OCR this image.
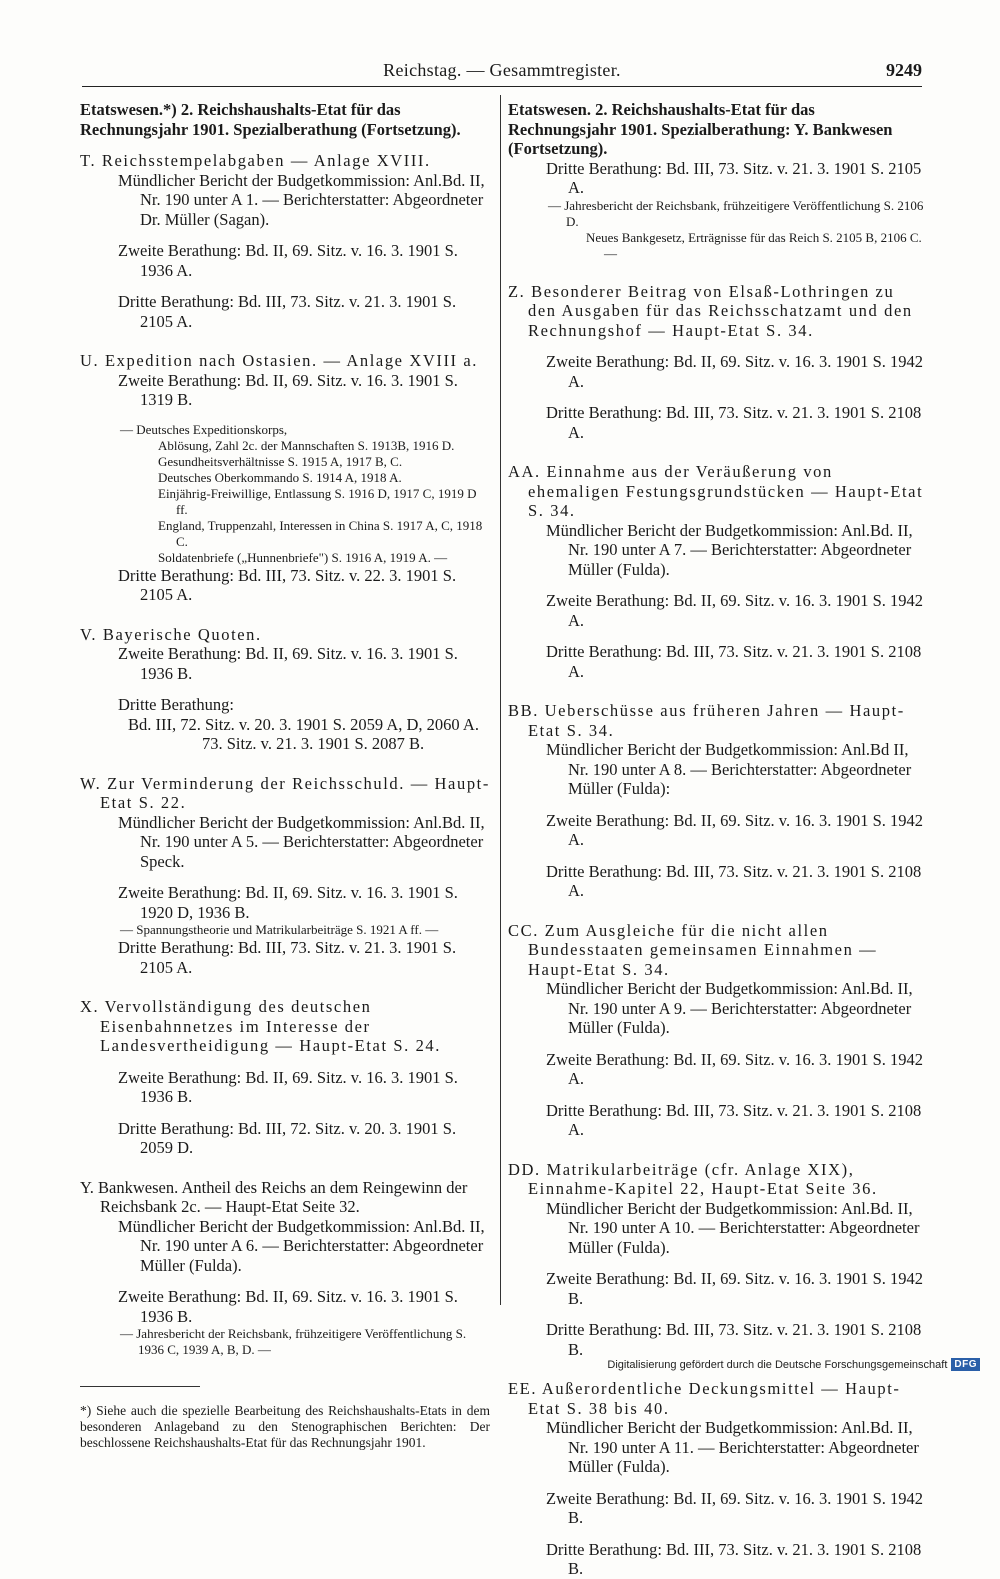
Reichstag. — Gesammtregister.	9249
Etatswesen.*) 2. Reichshaushalts-Etat für das Rechnungsjahr 1901. Spezialberathung (Fortsetzung).
T. Reichsstempelabgaben — Anlage XVIII.
Mündlicher Bericht der Budgetkommission: Anl.Bd. II, Nr. 190 unter A 1. — Berichterstatter: Abgeordneter Dr. Müller (Sagan).
Zweite Berathung: Bd. II, 69. Sitz. v. 16. 3. 1901 S. 1936 A.
Dritte Berathung: Bd. III, 73. Sitz. v. 21. 3. 1901 S. 2105 A.
U. Expedition nach Ostasien. — Anlage XVIII a.
Zweite Berathung: Bd. II, 69. Sitz. v. 16. 3. 1901 S. 1319 B.
— Deutsches Expeditionskorps,
Ablösung, Zahl 2c. der Mannschaften S. 1913B, 1916 D.
Gesundheitsverhältnisse S. 1915 A, 1917 B, C.
Deutsches Oberkommando S. 1914 A, 1918 A.
Einjährig-Freiwillige, Entlassung S. 1916 D, 1917 C, 1919 D ff.
England, Truppenzahl, Interessen in China S. 1917 A, C, 1918 C.
Soldatenbriefe („Hunnenbriefe") S. 1916 A, 1919 A. —
Dritte Berathung: Bd. III, 73. Sitz. v. 22. 3. 1901 S. 2105 A.
V. Bayerische Quoten.
Zweite Berathung: Bd. II, 69. Sitz. v. 16. 3. 1901 S. 1936 B.
Dritte Berathung:
Bd. III, 72. Sitz. v. 20. 3. 1901 S. 2059 A, D, 2060 A.
73. Sitz. v. 21. 3. 1901 S. 2087 B.
W. Zur Verminderung der Reichsschuld. — Haupt-Etat S. 22.
Mündlicher Bericht der Budgetkommission: Anl.Bd. II, Nr. 190 unter A 5. — Berichterstatter: Abgeordneter Speck.
Zweite Berathung: Bd. II, 69. Sitz. v. 16. 3. 1901 S. 1920 D, 1936 B.
— Spannungstheorie und Matrikularbeiträge S. 1921 A ff. —
Dritte Berathung: Bd. III, 73. Sitz. v. 21. 3. 1901 S. 2105 A.
X. Vervollständigung des deutschen Eisenbahnnetzes im Interesse der Landesvertheidigung — Haupt-Etat S. 24.
Zweite Berathung: Bd. II, 69. Sitz. v. 16. 3. 1901 S. 1936 B.
Dritte Berathung: Bd. III, 72. Sitz. v. 20. 3. 1901 S. 2059 D.
Y. Bankwesen. Antheil des Reichs an dem Reingewinn der Reichsbank 2c. — Haupt-Etat Seite 32.
Mündlicher Bericht der Budgetkommission: Anl.Bd. II, Nr. 190 unter A 6. — Berichterstatter: Abgeordneter Müller (Fulda).
Zweite Berathung: Bd. II, 69. Sitz. v. 16. 3. 1901 S. 1936 B.
— Jahresbericht der Reichsbank, frühzeitigere Veröffentlichung S. 1936 C, 1939 A, B, D. —
*) Siehe auch die spezielle Bearbeitung des Reichshaushalts-Etats in dem besonderen Anlageband zu den Stenographischen Berichten: Der beschlossene Reichshaushalts-Etat für das Rechnungsjahr 1901.
Etatswesen. 2. Reichshaushalts-Etat für das Rechnungsjahr 1901. Spezialberathung: Y. Bankwesen (Fortsetzung).
Dritte Berathung: Bd. III, 73. Sitz. v. 21. 3. 1901 S. 2105 A.
— Jahresbericht der Reichsbank, frühzeitigere Veröffentlichung S. 2106 D.
Neues Bankgesetz, Erträgnisse für das Reich S. 2105 B, 2106 C. —
Z. Besonderer Beitrag von Elsaß-Lothringen zu den Ausgaben für das Reichsschatzamt und den Rechnungshof — Haupt-Etat S. 34.
Zweite Berathung: Bd. II, 69. Sitz. v. 16. 3. 1901 S. 1942 A.
Dritte Berathung: Bd. III, 73. Sitz. v. 21. 3. 1901 S. 2108 A.
AA. Einnahme aus der Veräußerung von ehemaligen Festungsgrundstücken — Haupt-Etat S. 34.
Mündlicher Bericht der Budgetkommission: Anl.Bd. II, Nr. 190 unter A 7. — Berichterstatter: Abgeordneter Müller (Fulda).
Zweite Berathung: Bd. II, 69. Sitz. v. 16. 3. 1901 S. 1942 A.
Dritte Berathung: Bd. III, 73. Sitz. v. 21. 3. 1901 S. 2108 A.
BB. Ueberschüsse aus früheren Jahren — Haupt-Etat S. 34.
Mündlicher Bericht der Budgetkommission: Anl.Bd II, Nr. 190 unter A 8. — Berichterstatter: Abgeordneter Müller (Fulda):
Zweite Berathung: Bd. II, 69. Sitz. v. 16. 3. 1901 S. 1942 A.
Dritte Berathung: Bd. III, 73. Sitz. v. 21. 3. 1901 S. 2108 A.
CC. Zum Ausgleiche für die nicht allen Bundesstaaten gemeinsamen Einnahmen — Haupt-Etat S. 34.
Mündlicher Bericht der Budgetkommission: Anl.Bd. II, Nr. 190 unter A 9. — Berichterstatter: Abgeordneter Müller (Fulda).
Zweite Berathung: Bd. II, 69. Sitz. v. 16. 3. 1901 S. 1942 A.
Dritte Berathung: Bd. III, 73. Sitz. v. 21. 3. 1901 S. 2108 A.
DD. Matrikularbeiträge (cfr. Anlage XIX), Einnahme-Kapitel 22, Haupt-Etat Seite 36.
Mündlicher Bericht der Budgetkommission: Anl.Bd. II, Nr. 190 unter A 10. — Berichterstatter: Abgeordneter Müller (Fulda).
Zweite Berathung: Bd. II, 69. Sitz. v. 16. 3. 1901 S. 1942 B.
Dritte Berathung: Bd. III, 73. Sitz. v. 21. 3. 1901 S. 2108 B.
EE. Außerordentliche Deckungsmittel — Haupt-Etat S. 38 bis 40.
Mündlicher Bericht der Budgetkommission: Anl.Bd. II, Nr. 190 unter A 11. — Berichterstatter: Abgeordneter Müller (Fulda).
Zweite Berathung: Bd. II, 69. Sitz. v. 16. 3. 1901 S. 1942 B.
Dritte Berathung: Bd. III, 73. Sitz. v. 21. 3. 1901 S. 2108 B.
Digitalisierung gefördert durch die Deutsche Forschungsgemeinschaft DFG
